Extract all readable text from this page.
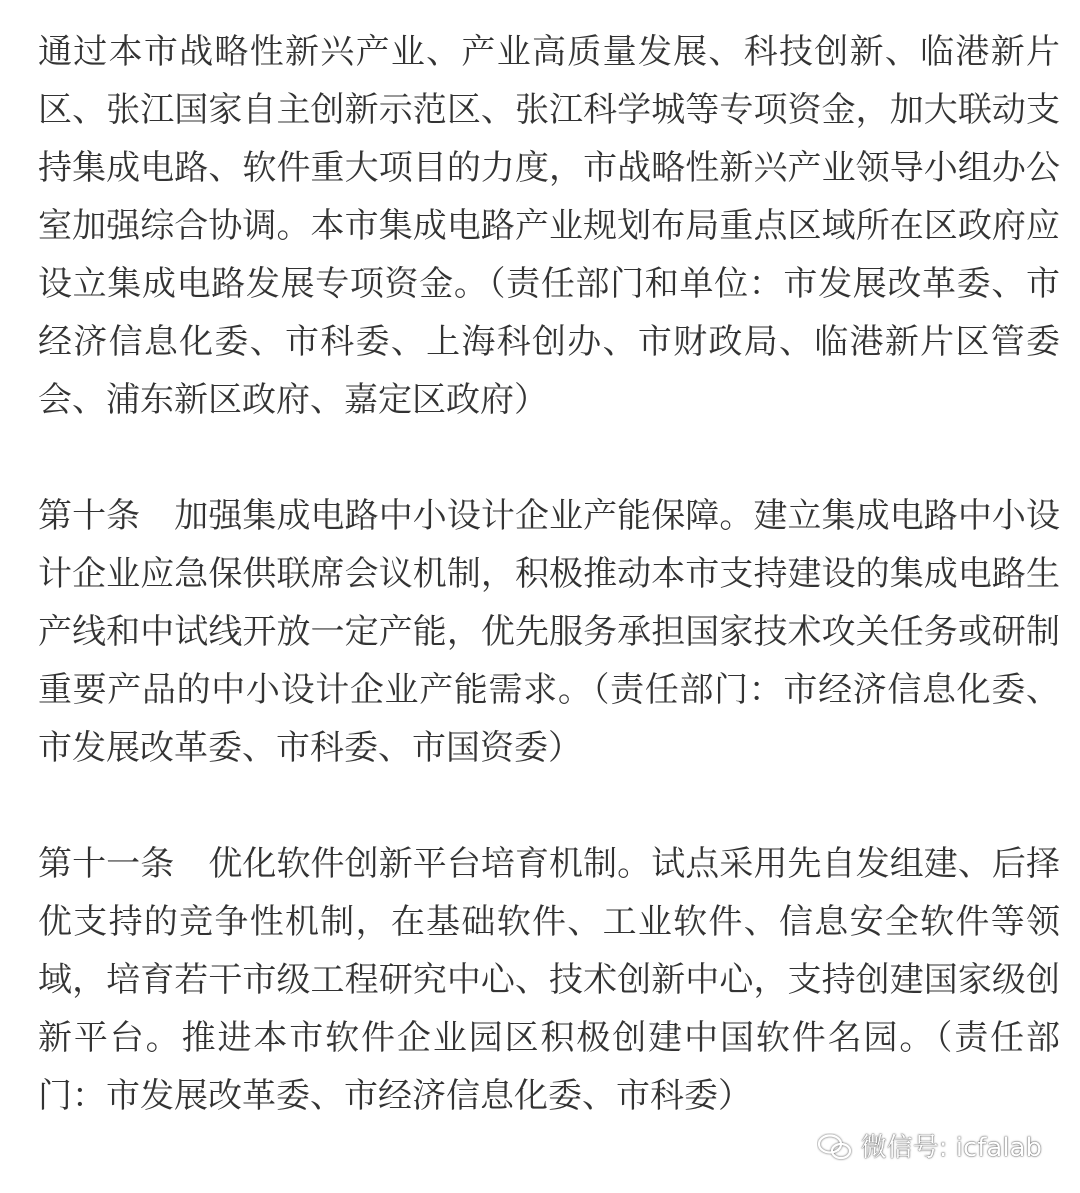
通过本市战略性新兴产业、产业高质量发展、科技创新、临港新片区、张江国家自主创新示范区、张江科学城等专项资金，加大联动支持集成电路、软件重大项目的力度，市战略性新兴产业领导小组办公室加强综合协调。本市集成电路产业规划布局重点区域所在区政府应设立集成电路发展专项资金。（责任部门和单位：市发展改革委、市经济信息化委、市科委、上海科创办、市财政局、临港新片区管委会、浦东新区政府、嘉定区政府）

第十条　加强集成电路中小设计企业产能保障。建立集成电路中小设计企业应急保供联席会议机制，积极推动本市支持建设的集成电路生产线和中试线开放一定产能，优先服务承担国家技术攻关任务或研制重要产品的中小设计企业产能需求。（责任部门：市经济信息化委、市发展改革委、市科委、市国资委）

第十一条　优化软件创新平台培育机制。试点采用先自发组建、后择优支持的竞争性机制，在基础软件、工业软件、信息安全软件等领域，培育若干市级工程研究中心、技术创新中心，支持创建国家级创新平台。推进本市软件企业园区积极创建中国软件名园。（责任部门：市发展改革委、市经济信息化委、市科委）

微信号: icfalab
